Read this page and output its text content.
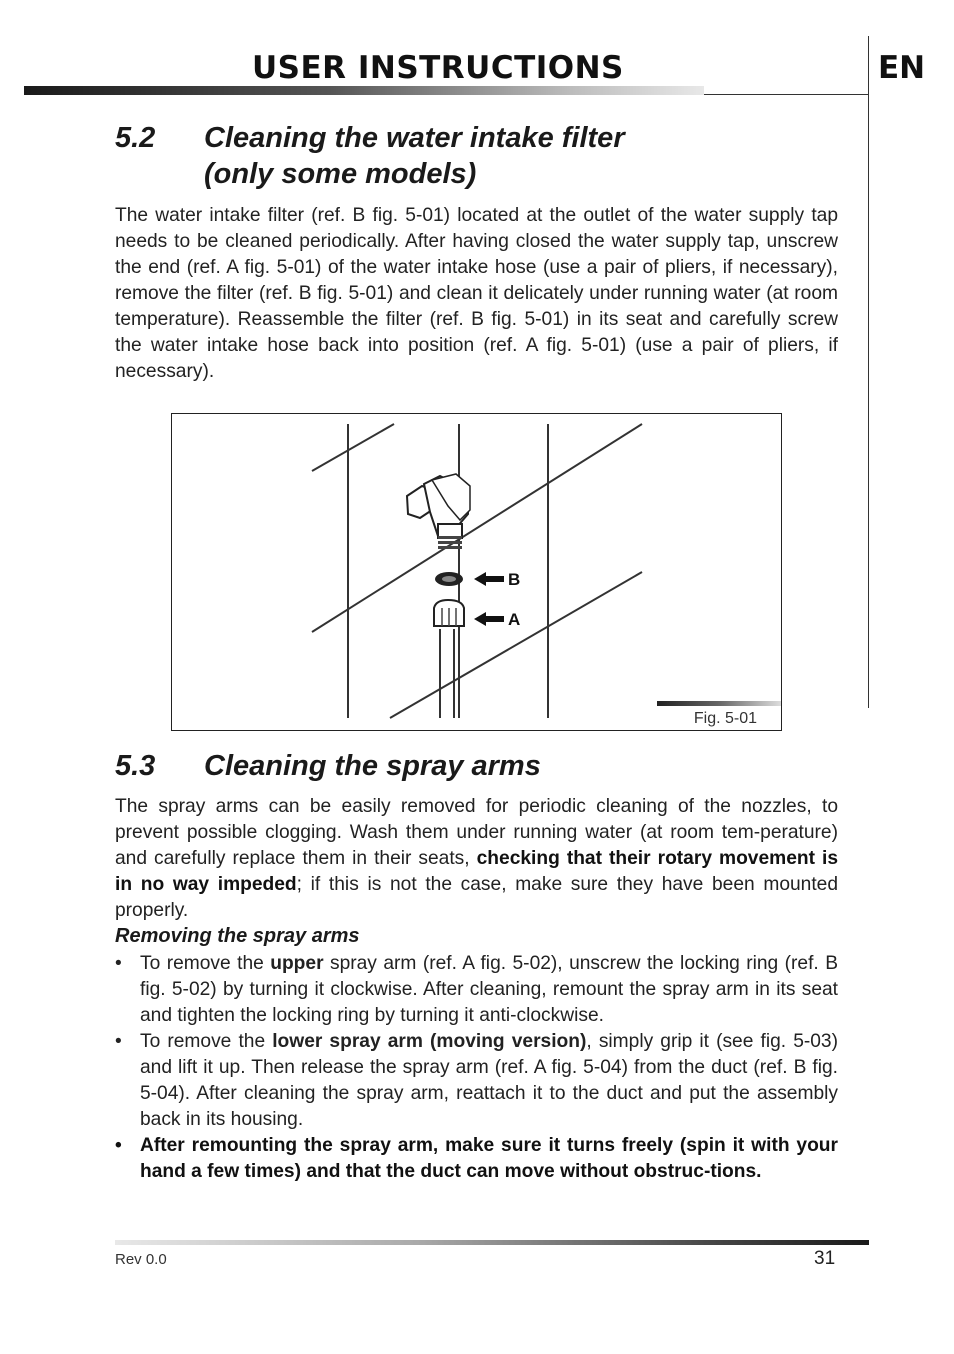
USER INSTRUCTIONS	EN
5.2 Cleaning the water intake filter
(only some models)
The water intake filter (ref. B fig. 5-01) located at the outlet of the water supply tap needs to be cleaned periodically. After having closed the water supply tap, unscrew the end (ref. A fig. 5-01) of the water intake hose (use a pair of pliers, if necessary), remove the filter (ref. B fig. 5-01) and clean it delicately under running water (at room temperature). Reassemble the filter (ref. B fig. 5-01) in its seat and carefully screw the water intake hose back into position (ref. A fig. 5-01) (use a pair of pliers, if necessary).
B
A
Fig. 5-01
5.3 Cleaning the spray arms
The spray arms can be easily removed for periodic cleaning of the nozzles, to prevent possible clogging. Wash them under running water (at room tem-perature) and carefully replace them in their seats, checking that their rotary movement is in no way impeded; if this is not the case, make sure they have been mounted properly.
Removing the spray arms
• To remove the upper spray arm (ref. A fig. 5-02), unscrew the locking ring (ref. B fig. 5-02) by turning it clockwise. After cleaning, remount the spray arm in its seat and tighten the locking ring by turning it anti-clockwise.
• To remove the lower spray arm (moving version), simply grip it (see fig. 5-03) and lift it up. Then release the spray arm (ref. A fig. 5-04) from the duct (ref. B fig. 5-04). After cleaning the spray arm, reattach it to the duct and put the assembly back in its housing.
• After remounting the spray arm, make sure it turns freely (spin it with your hand a few times) and that the duct can move without obstruc-tions.
Rev 0.0	31
